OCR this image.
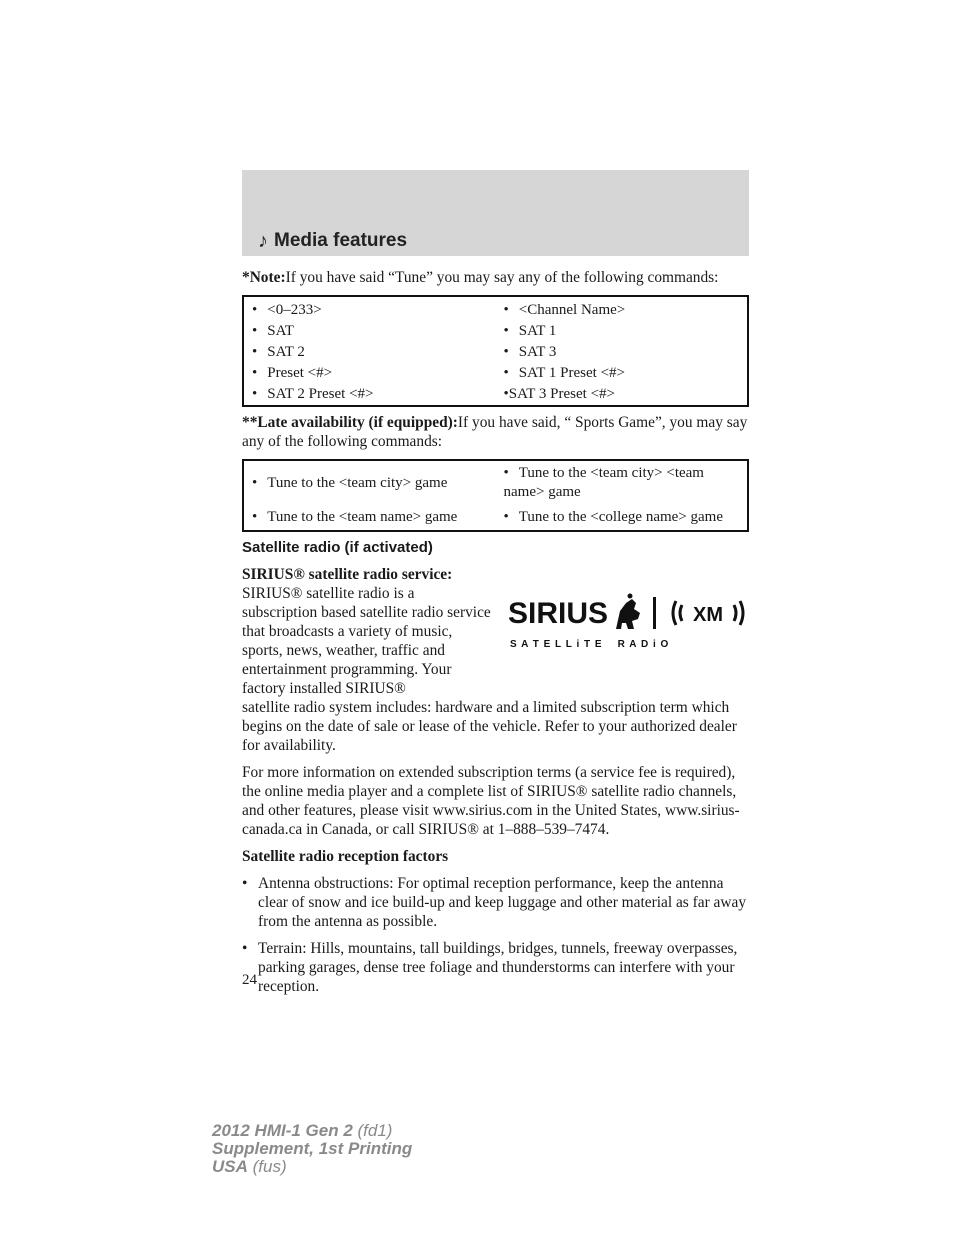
♪ Media features

*Note:If you have said “Tune” you may say any of the following commands:

• <0–233>	• <Channel Name>
• SAT	• SAT 1
• SAT 2	• SAT 3
• Preset <#>	• SAT 1 Preset <#>
• SAT 2 Preset <#>	•SAT 3 Preset <#>

**Late availability (if equipped):If you have said, “ Sports Game”, you may say any of the following commands:

• Tune to the <team city> game	• Tune to the <team city> <team name> game
• Tune to the <team name> game	• Tune to the <college name> game
Satellite radio (if activated)
SIRIUS	XM
S A T E L L i T E    R A D i O
SIRIUS® satellite radio service: SIRIUS® satellite radio is a subscription based satellite radio service that broadcasts a variety of music, sports, news, weather, traffic and entertainment programming. Your factory installed SIRIUS®

satellite radio system includes: hardware and a limited subscription term which begins on the date of sale or lease of the vehicle. Refer to your authorized dealer for availability.

For more information on extended subscription terms (a service fee is required), the online media player and a complete list of SIRIUS® satellite radio channels, and other features, please visit www.sirius.com in the United States, www.sirius-canada.ca in Canada, or call SIRIUS® at 1–888–539–7474.

Satellite radio reception factors

• Antenna obstructions: For optimal reception performance, keep the antenna clear of snow and ice build-up and keep luggage and other material as far away from the antenna as possible.
• Terrain: Hills, mountains, tall buildings, bridges, tunnels, freeway overpasses, parking garages, dense tree foliage and thunderstorms can interfere with your reception.
24
2012 HMI-1 Gen 2 (fd1)
Supplement, 1st Printing
USA (fus)
